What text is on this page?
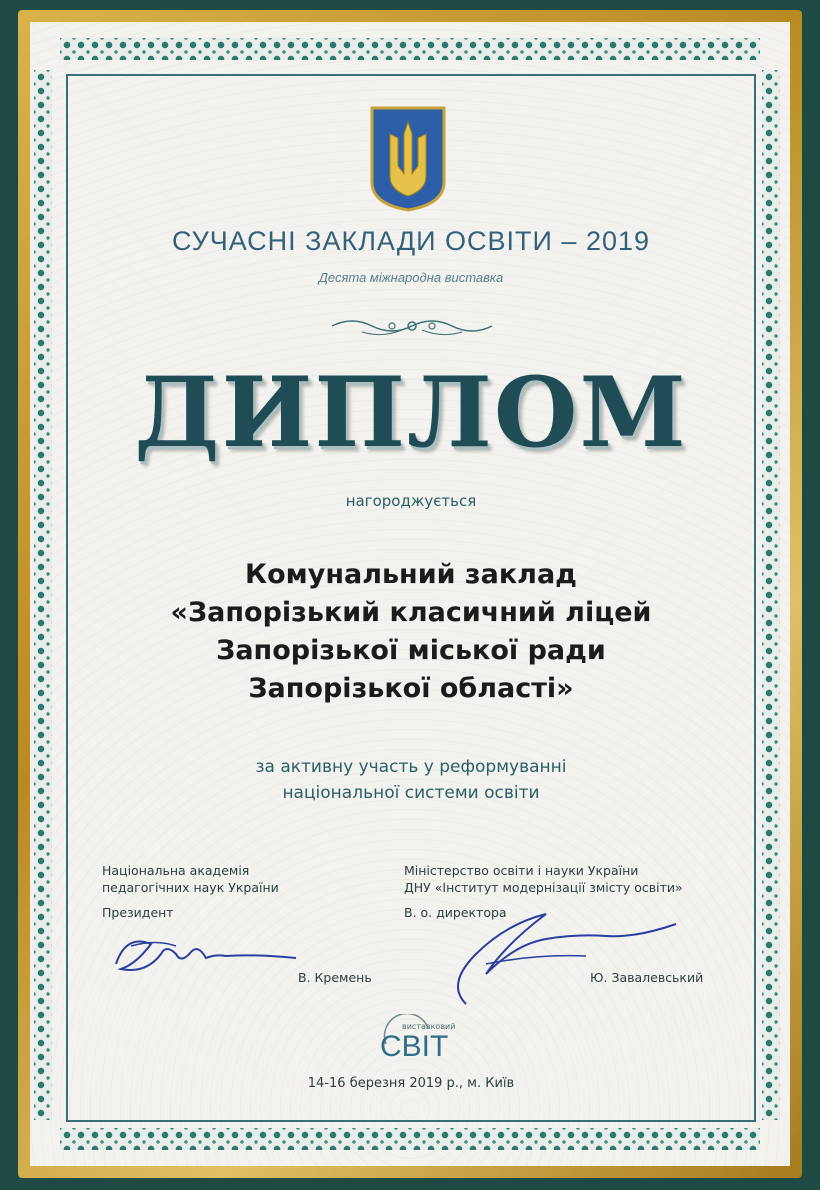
СУЧАСНІ ЗАКЛАДИ ОСВІТИ – 2019
Десята міжнародна виставка
ДИПЛОМ
нагороджується
Комунальний заклад
«Запорізький класичний ліцей
Запорізької міської ради
Запорізької області»
за активну участь у реформуванні
національної системи освіти
Національна академія
педагогічних наук України
Президент
Міністерство освіти і науки України
ДНУ «Інститут модернізації змісту освіти»
В. о. директора
В. Кремень	Ю. Завалевський
виставковий
СВІТ
14-16 березня 2019 р., м. Київ
